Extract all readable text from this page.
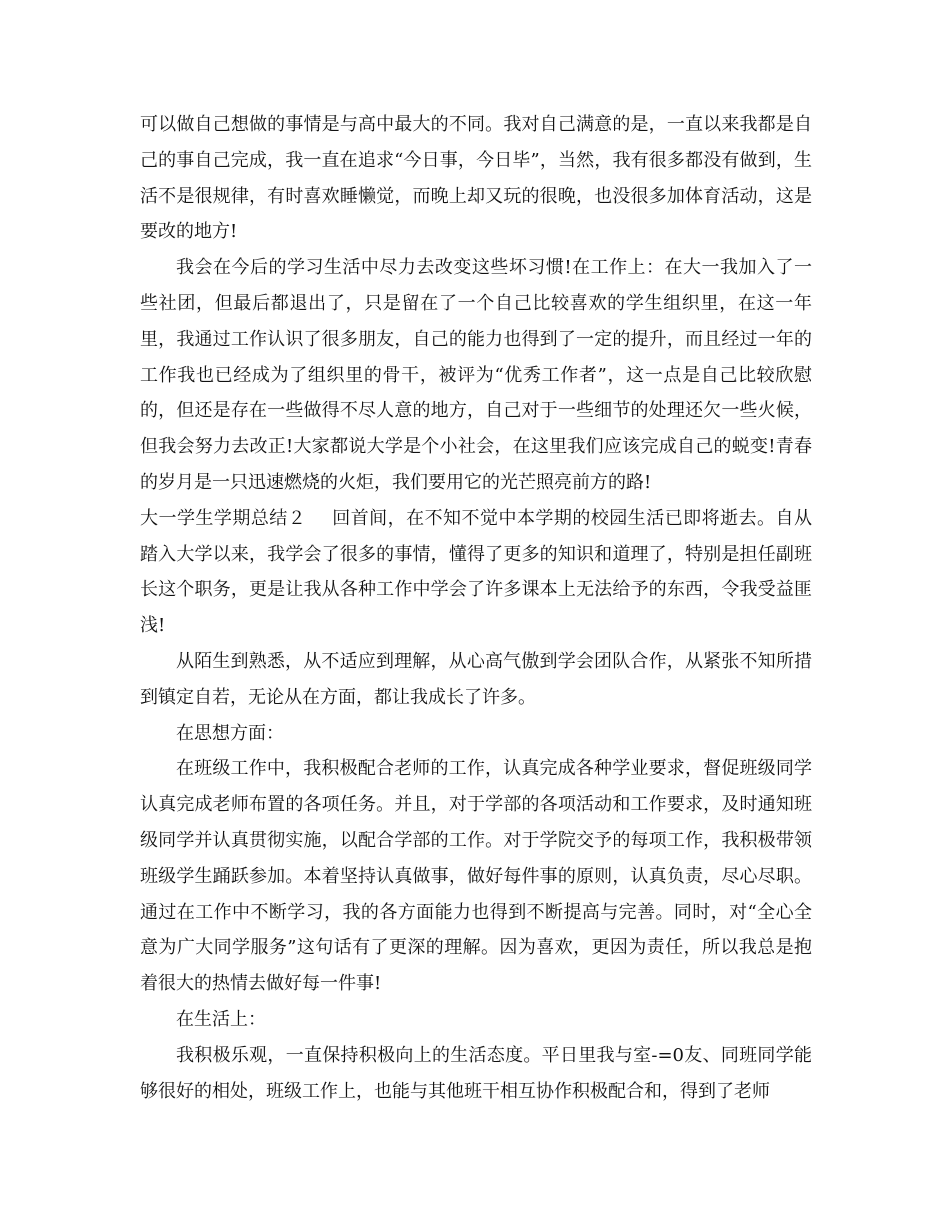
可以做自己想做的事情是与高中最大的不同。我对自己满意的是，一直以来我都是自己的事自己完成，我一直在追求“今日事，今日毕”，当然，我有很多都没有做到，生活不是很规律，有时喜欢睡懒觉，而晚上却又玩的很晚，也没很多加体育活动，这是要改的地方!

我会在今后的学习生活中尽力去改变这些坏习惯!在工作上：在大一我加入了一些社团，但最后都退出了，只是留在了一个自己比较喜欢的学生组织里，在这一年里，我通过工作认识了很多朋友，自己的能力也得到了一定的提升，而且经过一年的工作我也已经成为了组织里的骨干，被评为“优秀工作者”，这一点是自己比较欣慰的，但还是存在一些做得不尽人意的地方，自己对于一些细节的处理还欠一些火候，但我会努力去改正!大家都说大学是个小社会，在这里我们应该完成自己的蜕变!青春的岁月是一只迅速燃烧的火炬，我们要用它的光芒照亮前方的路!

大一学生学期总结２ 回首间，在不知不觉中本学期的校园生活已即将逝去。自从踏入大学以来，我学会了很多的事情，懂得了更多的知识和道理了，特别是担任副班长这个职务，更是让我从各种工作中学会了许多课本上无法给予的东西，令我受益匪浅!

从陌生到熟悉，从不适应到理解，从心高气傲到学会团队合作，从紧张不知所措到镇定自若，无论从在方面，都让我成长了许多。

在思想方面：

在班级工作中，我积极配合老师的工作，认真完成各种学业要求，督促班级同学认真完成老师布置的各项任务。并且，对于学部的各项活动和工作要求，及时通知班级同学并认真贯彻实施，以配合学部的工作。对于学院交予的每项工作，我积极带领班级学生踊跃参加。本着坚持认真做事，做好每件事的原则，认真负责，尽心尽职。通过在工作中不断学习，我的各方面能力也得到不断提高与完善。同时，对“全心全意为广大同学服务”这句话有了更深的理解。因为喜欢，更因为责任，所以我总是抱着很大的热情去做好每一件事!

在生活上：

我积极乐观，一直保持积极向上的生活态度。平日里我与室-=0友、同班同学能够很好的相处，班级工作上，也能与其他班干相互协作积极配合和，得到了老师
